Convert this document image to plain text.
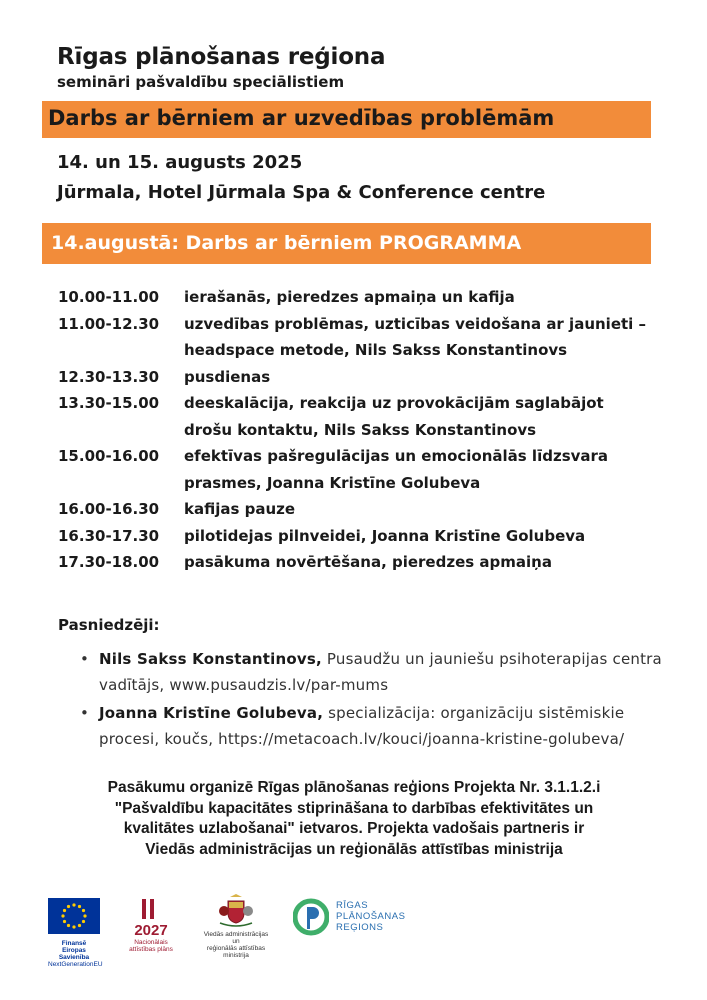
Rīgas plānošanas reģiona
semināri pašvaldību speciālistiem
Darbs ar bērniem ar uzvedības problēmām
14. un 15. augusts 2025
Jūrmala, Hotel Jūrmala Spa & Conference centre
14.augustā: Darbs ar bērniem PROGRAMMA
10.00-11.00	ierašanās, pieredzes apmaiņa un kafija
11.00-12.30	uzvedības problēmas, uzticības veidošana ar jaunieti –
headspace metode, Nils Sakss Konstantinovs
12.30-13.30	pusdienas
13.30-15.00	deeskalācija, reakcija uz provokācijām saglabājot
drošu kontaktu, Nils Sakss Konstantinovs
15.00-16.00	efektīvas pašregulācijas un emocionālās līdzsvara
prasmes, Joanna Kristīne Golubeva
16.00-16.30	kafijas pauze
16.30-17.30	pilotidejas pilnveidei, Joanna Kristīne Golubeva
17.30-18.00	pasākuma novērtēšana, pieredzes apmaiņa
Pasniedzēji:
• Nils Sakss Konstantinovs, Pusaudžu un jauniešu psihoterapijas centra vadītājs, www.pusaudzis.lv/par-mums
• Joanna Kristīne Golubeva, specializācija: organizāciju sistēmiskie procesi, koučs, https://metacoach.lv/kouci/joanna-kristine-golubeva/
Pasākumu organizē Rīgas plānošanas reģions Projekta Nr. 3.1.1.2.i
"Pašvaldību kapacitātes stiprināšana to darbības efektivitātes un
kvalitātes uzlabošanai" ietvaros. Projekta vadošais partneris ir
Viedās administrācijas un reģionālās attīstības ministrija
Finansē
Eiropas Savienība
NextGenerationEU
2027
Nacionālais
attīstības plāns
Viedās administrācijas un
reģionālās attīstības
ministrija
RĪGAS
PLĀNOŠANAS
REĢIONS
